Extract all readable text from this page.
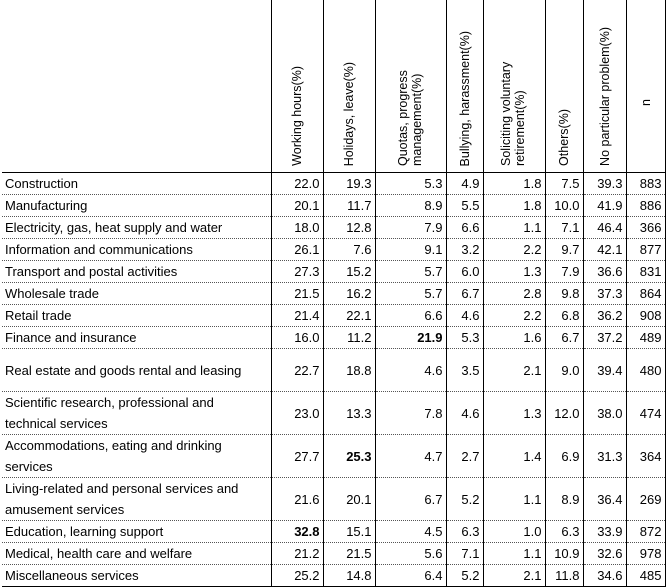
	Working hours(%)	Holidays, leave(%)	Quotas, progress management(%)	Bullying, harassment(%)	Soliciting voluntary retirement(%)	Others(%)	No particular problem(%)	n

Construction	22.0	19.3	5.3	4.9	1.8	7.5	39.3	883
Manufacturing	20.1	11.7	8.9	5.5	1.8	10.0	41.9	886
Electricity, gas, heat supply and water	18.0	12.8	7.9	6.6	1.1	7.1	46.4	366
Information and communications	26.1	7.6	9.1	3.2	2.2	9.7	42.1	877
Transport and postal activities	27.3	15.2	5.7	6.0	1.3	7.9	36.6	831
Wholesale trade	21.5	16.2	5.7	6.7	2.8	9.8	37.3	864
Retail trade	21.4	22.1	6.6	4.6	2.2	6.8	36.2	908
Finance and insurance	16.0	11.2	21.9	5.3	1.6	6.7	37.2	489
Real estate and goods rental and leasing	22.7	18.8	4.6	3.5	2.1	9.0	39.4	480
Scientific research, professional and technical services	23.0	13.3	7.8	4.6	1.3	12.0	38.0	474
Accommodations, eating and drinking services	27.7	25.3	4.7	2.7	1.4	6.9	31.3	364
Living-related and personal services and amusement services	21.6	20.1	6.7	5.2	1.1	8.9	36.4	269
Education, learning support	32.8	15.1	4.5	6.3	1.0	6.3	33.9	872
Medical, health care and welfare	21.2	21.5	5.6	7.1	1.1	10.9	32.6	978
Miscellaneous services	25.2	14.8	6.4	5.2	2.1	11.8	34.6	485
